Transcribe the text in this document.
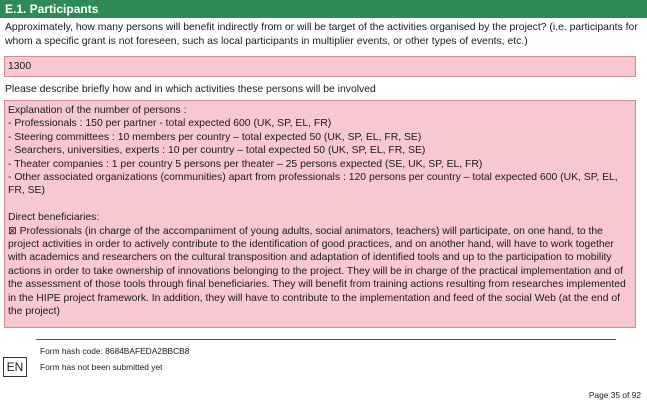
E.1. Participants
Approximately, how many persons will benefit indirectly from or will be target of the activities organised by the project? (i.e. participants for whom a specific grant is not foreseen, such as local participants in multiplier events, or other types of events, etc.)
1300
Please describe briefly how and in which activities these persons will be involved
Explanation of the number of persons :
- Professionals : 150 per partner - total expected 600 (UK, SP, EL, FR)
- Steering committees : 10 members per country – total expected 50 (UK, SP, EL, FR, SE)
- Searchers, universities, experts : 10 per country – total expected 50 (UK, SP, EL, FR, SE)
- Theater companies : 1 per country 5 persons per theater – 25 persons expected (SE, UK, SP, EL, FR)
- Other associated organizations (communities) apart from professionals : 120 persons per country – total expected 600 (UK, SP, EL,
FR, SE)
Direct beneficiaries:
⊠ Professionals (in charge of the accompaniment of young adults, social animators, teachers) will participate, on one hand, to the project activities in order to actively contribute to the identification of good practices, and on another hand, will have to work together with academics and researchers on the cultural transposition and adaptation of identified tools and up to the participation to mobility actions in order to take ownership of innovations belonging to the project. They will be in charge of the practical implementation and of the assessment of those tools through final beneficiaries. They will benefit from training actions resulting from researches implemented in the HIPE project framework. In addition, they will have to contribute to the implementation and feed of the social Web (at the end of the project)
Form hash code: 8684BAFEDA2BBCB8
EN	Form has not been submitted yet
Page 35 of 92
